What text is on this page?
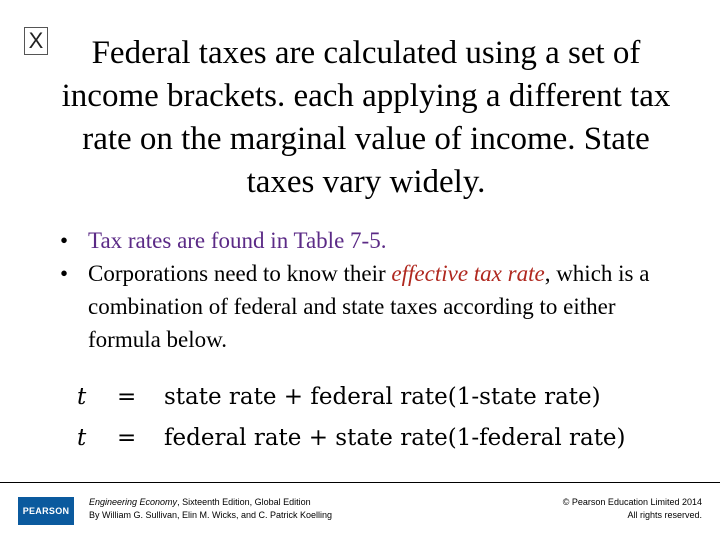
X	Federal taxes are calculated using a set of income brackets. each applying a different tax rate on the marginal value of income. State taxes vary widely.
• Tax rates are found in Table 7-5.
• Corporations need to know their effective tax rate, which is a combination of federal and state taxes according to either formula below.
t = state rate + federal rate(1-state rate)
t = federal rate + state rate(1-federal rate)
PEARSON
Engineering Economy, Sixteenth Edition, Global Edition
By William G. Sullivan, Elin M. Wicks, and C. Patrick Koelling
© Pearson Education Limited 2014
All rights reserved.
